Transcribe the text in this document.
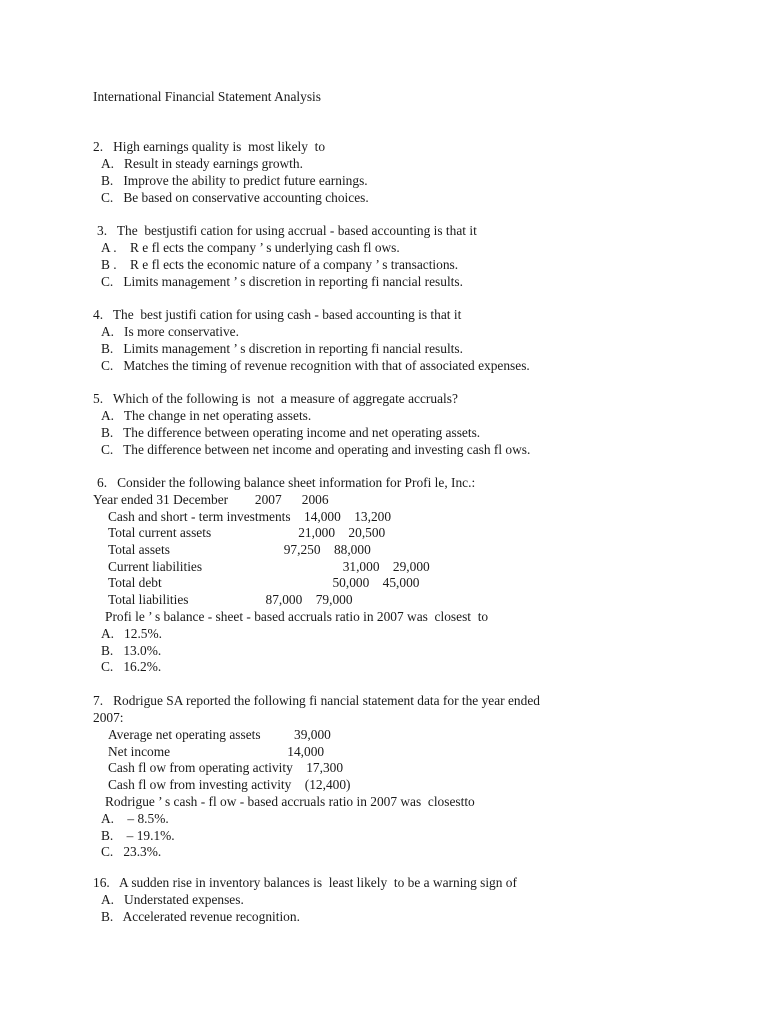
International Financial Statement Analysis
2.   High earnings quality is  most likely  to
A.   Result in steady earnings growth.
B.   Improve the ability to predict future earnings.
C.   Be based on conservative accounting choices.
3.   The  bestjustifi cation for using accrual - based accounting is that it
A .    R e fl ects the company ’ s underlying cash fl ows.
B .    R e fl ects the economic nature of a company ’ s transactions.
C.   Limits management ’ s discretion in reporting fi nancial results.
4.   The  best justifi cation for using cash - based accounting is that it
A.   Is more conservative.
B.   Limits management ’ s discretion in reporting fi nancial results.
C.   Matches the timing of revenue recognition with that of associated expenses.
5.   Which of the following is  not  a measure of aggregate accruals?
A.   The change in net operating assets.
B.   The difference between operating income and net operating assets.
C.   The difference between net income and operating and investing cash fl ows.
6.   Consider the following balance sheet information for Profi le, Inc.:
Year ended 31 December        2007      2006
Cash and short - term investments    14,000    13,200
Total current assets                          21,000    20,500
Total assets                                  97,250    88,000
Current liabilities                                          31,000    29,000
Total debt                                                   50,000    45,000
Total liabilities                       87,000    79,000
Profi le ’ s balance - sheet - based accruals ratio in 2007 was  closest  to
A.   12.5%.
B.   13.0%.
C.   16.2%.
7.   Rodrigue SA reported the following fi nancial statement data for the year ended
2007:
Average net operating assets          39,000
Net income                                   14,000
Cash fl ow from operating activity    17,300
Cash fl ow from investing activity    (12,400)
Rodrigue ’ s cash - fl ow - based accruals ratio in 2007 was  closestto
A.    – 8.5%.
B.    – 19.1%.
C.   23.3%.
16.   A sudden rise in inventory balances is  least likely  to be a warning sign of
A.   Understated expenses.
B.   Accelerated revenue recognition.
